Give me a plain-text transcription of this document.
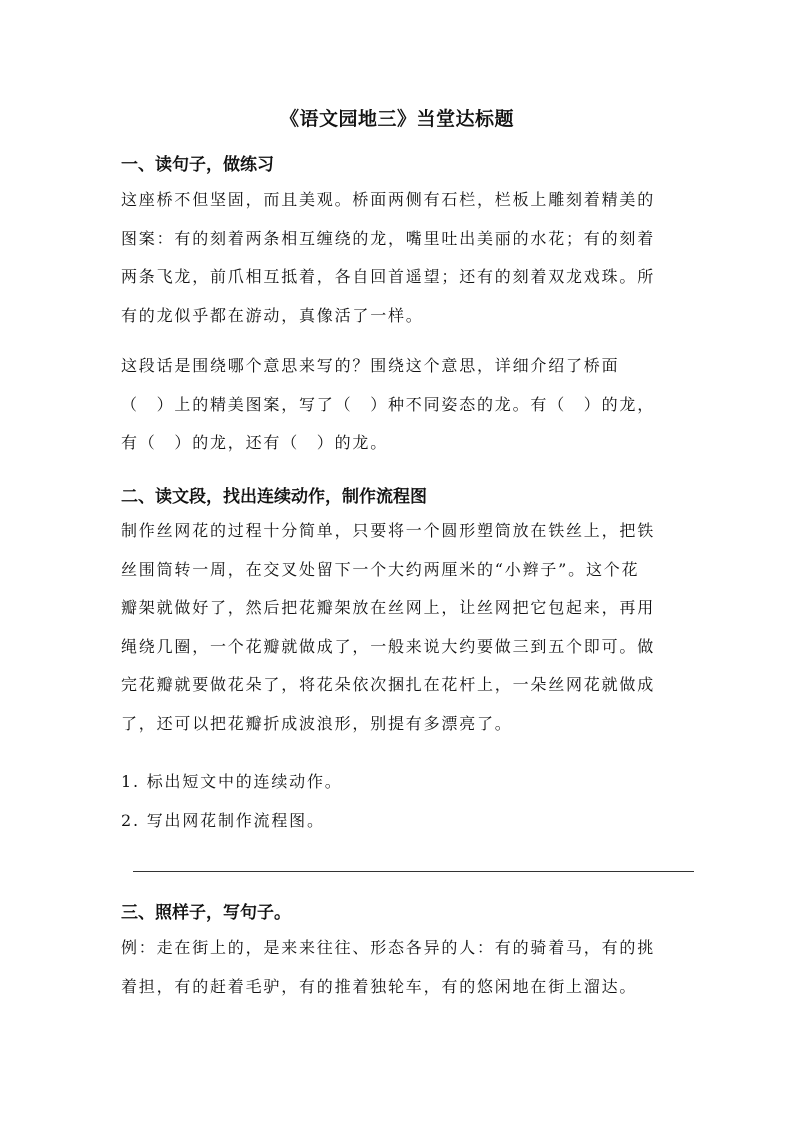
《语文园地三》当堂达标题
一、读句子，做练习
这座桥不但坚固，而且美观。桥面两侧有石栏，栏板上雕刻着精美的
图案：有的刻着两条相互缠绕的龙，嘴里吐出美丽的水花；有的刻着
两条飞龙，前爪相互抵着，各自回首遥望；还有的刻着双龙戏珠。所
有的龙似乎都在游动，真像活了一样。
这段话是围绕哪个意思来写的？围绕这个意思，详细介绍了桥面
（　）上的精美图案，写了（　）种不同姿态的龙。有（　）的龙，
有（　）的龙，还有（　）的龙。
二、读文段，找出连续动作，制作流程图
制作丝网花的过程十分简单，只要将一个圆形塑筒放在铁丝上，把铁
丝围筒转一周，在交叉处留下一个大约两厘米的“小辫子”。这个花
瓣架就做好了，然后把花瓣架放在丝网上，让丝网把它包起来，再用
绳绕几圈，一个花瓣就做成了，一般来说大约要做三到五个即可。做
完花瓣就要做花朵了，将花朵依次捆扎在花杆上，一朵丝网花就做成
了，还可以把花瓣折成波浪形，别提有多漂亮了。
1. 标出短文中的连续动作。
2. 写出网花制作流程图。
三、照样子，写句子。
例：走在街上的，是来来往往、形态各异的人：有的骑着马，有的挑
着担，有的赶着毛驴，有的推着独轮车，有的悠闲地在街上溜达。
